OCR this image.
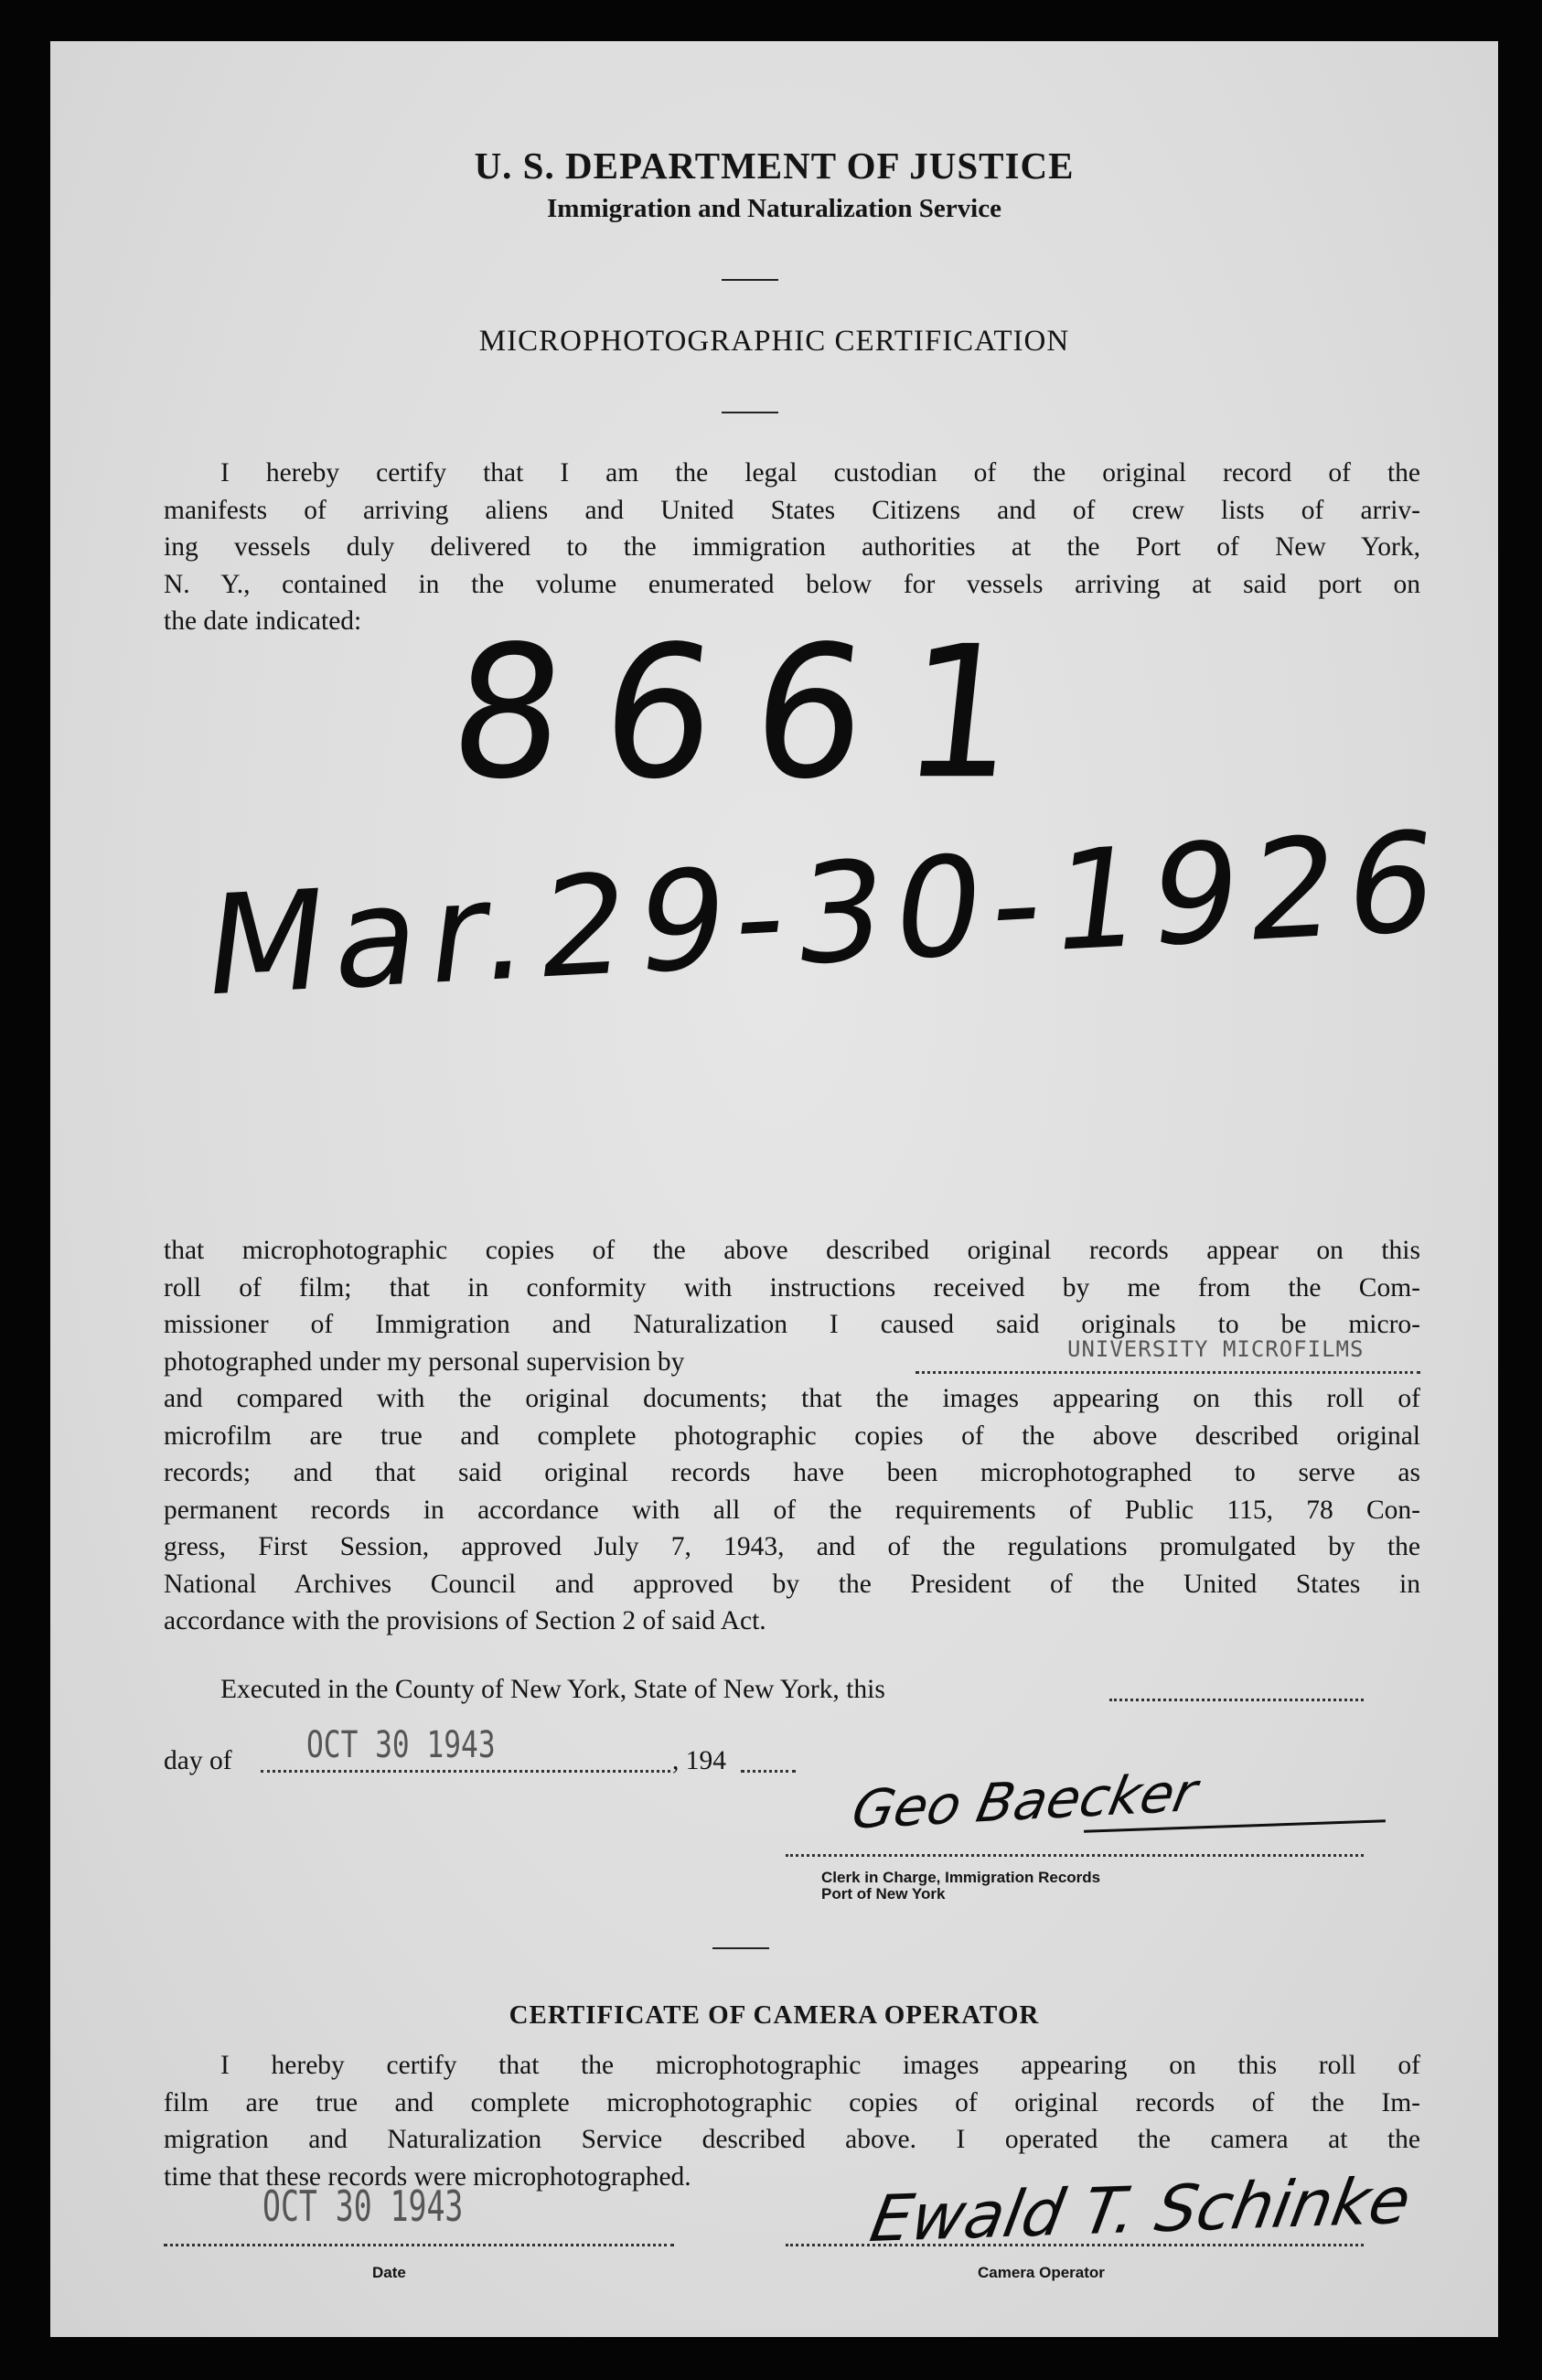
U. S. DEPARTMENT OF JUSTICE
Immigration and Naturalization Service
MICROPHOTOGRAPHIC CERTIFICATION
I hereby certify that I am the legal custodian of the original record of the
manifests of arriving aliens and United States Citizens and of crew lists of arriv-
ing vessels duly delivered to the immigration authorities at the Port of New York,
N. Y., contained in the volume enumerated below for vessels arriving at said port on
the date indicated: 8661
Mar.29-30-1926
that microphotographic copies of the above described original records appear on this
roll of film; that in conformity with instructions received by me from the Com-
missioner of Immigration and Naturalization I caused said originals to be micro-
photographed under my personal supervision by	UNIVERSITY MICROFILMS
and compared with the original documents; that the images appearing on this roll of
microfilm are true and complete photographic copies of the above described original
records; and that said original records have been microphotographed to serve as
permanent records in accordance with all of the requirements of Public 115, 78 Con-
gress, First Session, approved July 7, 1943, and of the regulations promulgated by the
National Archives Council and approved by the President of the United States in
accordance with the provisions of Section 2 of said Act.
Executed in the County of New York, State of New York, this
day of OCT 30 1943	, 194
Geo Baecker
Clerk in Charge, Immigration Records
Port of New York
CERTIFICATE OF CAMERA OPERATOR
I hereby certify that the microphotographic images appearing on this roll of
film are true and complete microphotographic copies of original records of the Im-
migration and Naturalization Service described above. I operated the camera at the
time that these records were microphotographed.
OCT 30 1943	Ewald T. Schinke
Date	Camera Operator
